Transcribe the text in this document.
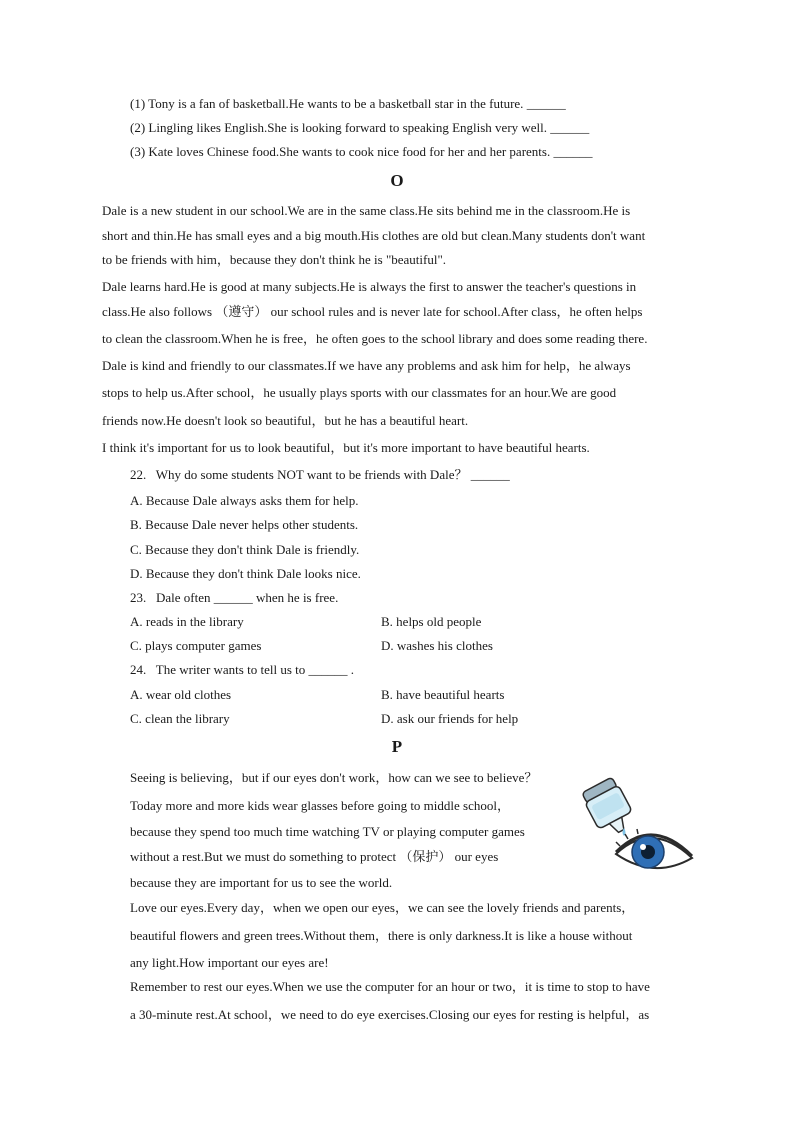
(1) Tony is a fan of basketball.He wants to be a basketball star in the future. ______
(2) Lingling likes English.She is looking forward to speaking English very well. ______
(3) Kate loves Chinese food.She wants to cook nice food for her and her parents. ______
O
Dale is a new student in our school.We are in the same class.He sits behind me in the classroom.He is
short and thin.He has small eyes and a big mouth.His clothes are old but clean.Many students don't want
to be friends with him，because they don't think he is "beautiful".
Dale learns hard.He is good at many subjects.He is always the first to answer the teacher's questions in
class.He also follows （遵守） our school rules and is never late for school.After class，he often helps
to clean the classroom.When he is free，he often goes to the school library and does some reading there.
Dale is kind and friendly to our classmates.If we have any problems and ask him for help，he always
stops to help us.After school，he usually plays sports with our classmates for an hour.We are good
friends now.He doesn't look so beautiful，but he has a beautiful heart.
I think it's important for us to look beautiful，but it's more important to have beautiful hearts.
22. Why do some students NOT want to be friends with Dale？ ______
A. Because Dale always asks them for help.
B. Because Dale never helps other students.
C. Because they don't think Dale is friendly.
D. Because they don't think Dale looks nice.
23. Dale often ______ when he is free.
A. reads in the library	B. helps old people
C. plays computer games	D. washes his clothes
24. The writer wants to tell us to ______ .
A. wear old clothes	B. have beautiful hearts
C. clean the library	D. ask our friends for help
P
Seeing is believing，but if our eyes don't work，how can we see to believe？
Today more and more kids wear glasses before going to middle school，
because they spend too much time watching TV or playing computer games
without a rest.But we must do something to protect （保护） our eyes
because they are important for us to see the world.
Love our eyes.Every day，when we open our eyes，we can see the lovely friends and parents，
beautiful flowers and green trees.Without them，there is only darkness.It is like a house without
any light.How important our eyes are!
Remember to rest our eyes.When we use the computer for an hour or two，it is time to stop to have
a 30-minute rest.At school，we need to do eye exercises.Closing our eyes for resting is helpful，as
